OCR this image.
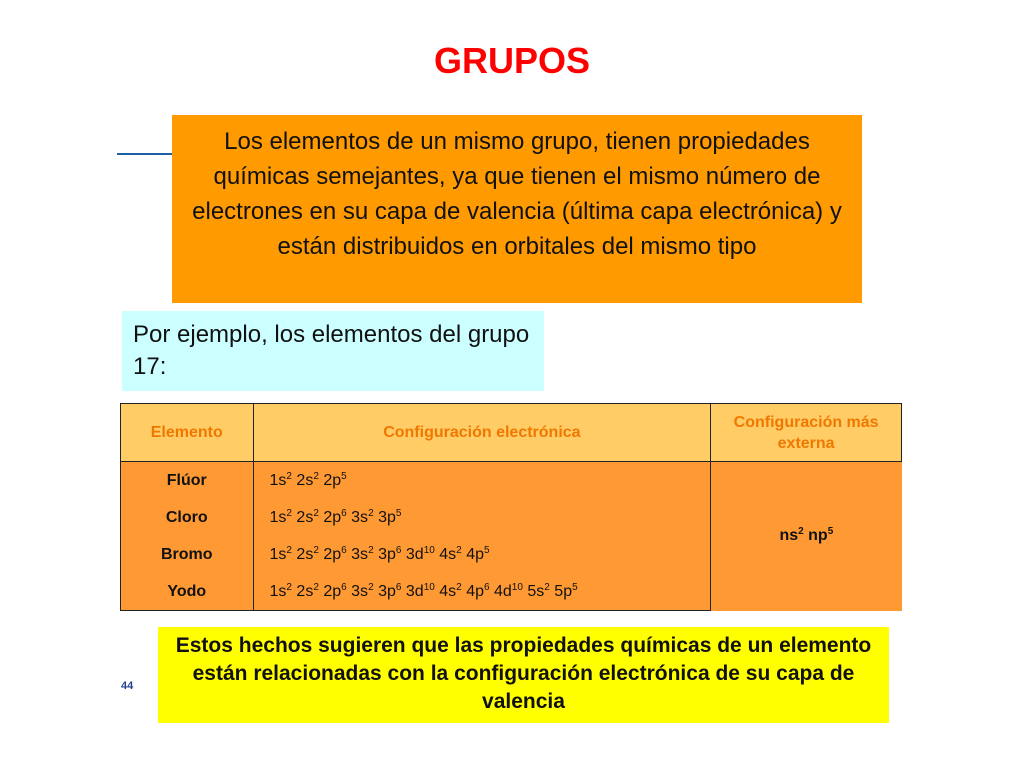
GRUPOS
Los elementos de un mismo grupo, tienen propiedades químicas semejantes, ya que tienen el mismo número de electrones en su capa de valencia (última capa electrónica) y están distribuidos en orbitales del mismo tipo
Por ejemplo, los elementos del grupo 17:
Elemento	Configuración electrónica	Configuración más externa
Flúor	$1s^2$ $2s^2$ $2p^5$	$ns^2$ $np^5$
Cloro	$1s^2$ $2s^2$ $2p^6$ $3s^2$ $3p^5$
Bromo	$1s^2$ $2s^2$ $2p^6$ $3s^2$ $3p^6$ $3d^{10}$ $4s^2$ $4p^5$
Yodo	$1s^2$ $2s^2$ $2p^6$ $3s^2$ $3p^6$ $3d^{10}$ $4s^2$ $4p^6$ $4d^{10}$ $5s^2$ $5p^5$
Estos hechos sugieren que las propiedades químicas de un elemento están relacionadas con la configuración electrónica de su capa de valencia
44
